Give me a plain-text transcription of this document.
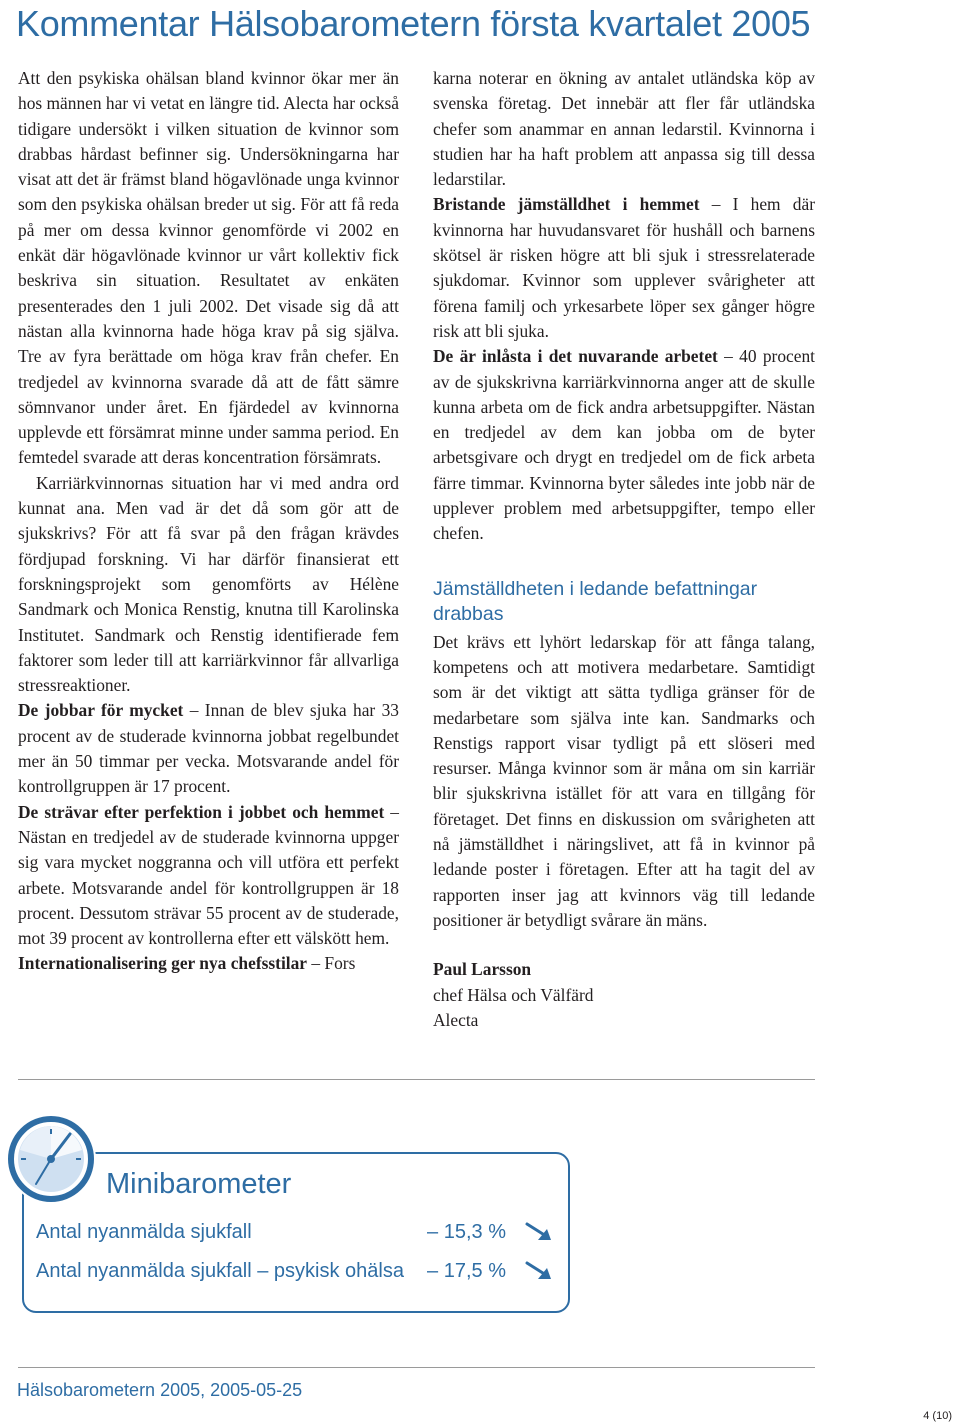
Kommentar Hälsobarometern första kvartalet 2005

Att den psykiska ohälsan bland kvinnor ökar mer än hos männen har vi vetat en längre tid. Alecta har också tidigare undersökt i vilken situation de kvinnor som drabbas hårdast befinner sig. Undersökningarna har visat att det är främst bland högavlönade unga kvinnor som den psykiska ohälsan breder ut sig. För att få reda på mer om dessa kvinnor genomförde vi 2002 en enkät där högavlönade kvinnor ur vårt kollektiv fick beskriva sin situation. Resultatet av enkäten presenterades den 1 juli 2002. Det visade sig då att nästan alla kvinnorna hade höga krav på sig själva. Tre av fyra berättade om höga krav från chefer. En tredjedel av kvinnorna svarade då att de fått sämre sömnvanor under året. En fjärdedel av kvinnorna upplevde ett försämrat minne under samma period. En femtedel svarade att deras koncentration försämrats.

Karriärkvinnornas situation har vi med andra ord kunnat ana. Men vad är det då som gör att de sjukskrivs? För att få svar på den frågan krävdes fördjupad forskning. Vi har därför finansierat ett forskningsprojekt som genomförts av Hélène Sandmark och Monica Renstig, knutna till Karolinska Institutet. Sandmark och Renstig identifierade fem faktorer som leder till att karriärkvinnor får allvarliga stressreaktioner.

De jobbar för mycket – Innan de blev sjuka har 33 procent av de studerade kvinnorna jobbat regelbundet mer än 50 timmar per vecka. Motsvarande andel för kontrollgruppen är 17 procent.

De strävar efter perfektion i jobbet och hemmet – Nästan en tredjedel av de studerade kvinnorna uppger sig vara mycket noggranna och vill utföra ett perfekt arbete. Motsvarande andel för kontrollgruppen är 18 procent. Dessutom strävar 55 procent av de studerade, mot 39 procent av kontrollerna efter ett välskött hem.

Internationalisering ger nya chefsstilar – Fors

karna noterar en ökning av antalet utländska köp av svenska företag. Det innebär att fler får utländska chefer som anammar en annan ledarstil. Kvinnorna i studien har ha haft problem att anpassa sig till dessa ledarstilar.

Bristande jämställdhet i hemmet – I hem där kvinnorna har huvudansvaret för hushåll och barnens skötsel är risken högre att bli sjuk i stressrelaterade sjukdomar. Kvinnor som upplever svårigheter att förena familj och yrkesarbete löper sex gånger högre risk att bli sjuka.

De är inlåsta i det nuvarande arbetet – 40 procent av de sjukskrivna karriärkvinnorna anger att de skulle kunna arbeta om de fick andra arbetsuppgifter. Nästan en tredjedel av dem kan jobba om de byter arbetsgivare och drygt en tredjedel om de fick arbeta färre timmar. Kvinnorna byter således inte jobb när de upplever problem med arbetsuppgifter, tempo eller chefen.

Jämställdheten i ledande befattningar drabbas

Det krävs ett lyhört ledarskap för att fånga talang, kompetens och att motivera medarbetare. Samtidigt som är det viktigt att sätta tydliga gränser för de medarbetare som själva inte kan. Sandmarks och Renstigs rapport visar tydligt på ett slöseri med resurser. Många kvinnor som är måna om sin karriär blir sjukskrivna istället för att vara en tillgång för företaget. Det finns en diskussion om svårigheten att nå jämställdhet i näringslivet, att få in kvinnor på ledande poster i företagen. Efter att ha tagit del av rapporten inser jag att kvinnors väg till ledande positioner är betydligt svårare än mäns.

Paul Larsson
chef Hälsa och Välfärd
Alecta
Minibarometer
Antal nyanmälda sjukfall	– 15,3 %
Antal nyanmälda sjukfall – psykisk ohälsa – 17,5 %
Hälsobarometern 2005, 2005-05-25
4 (10)
